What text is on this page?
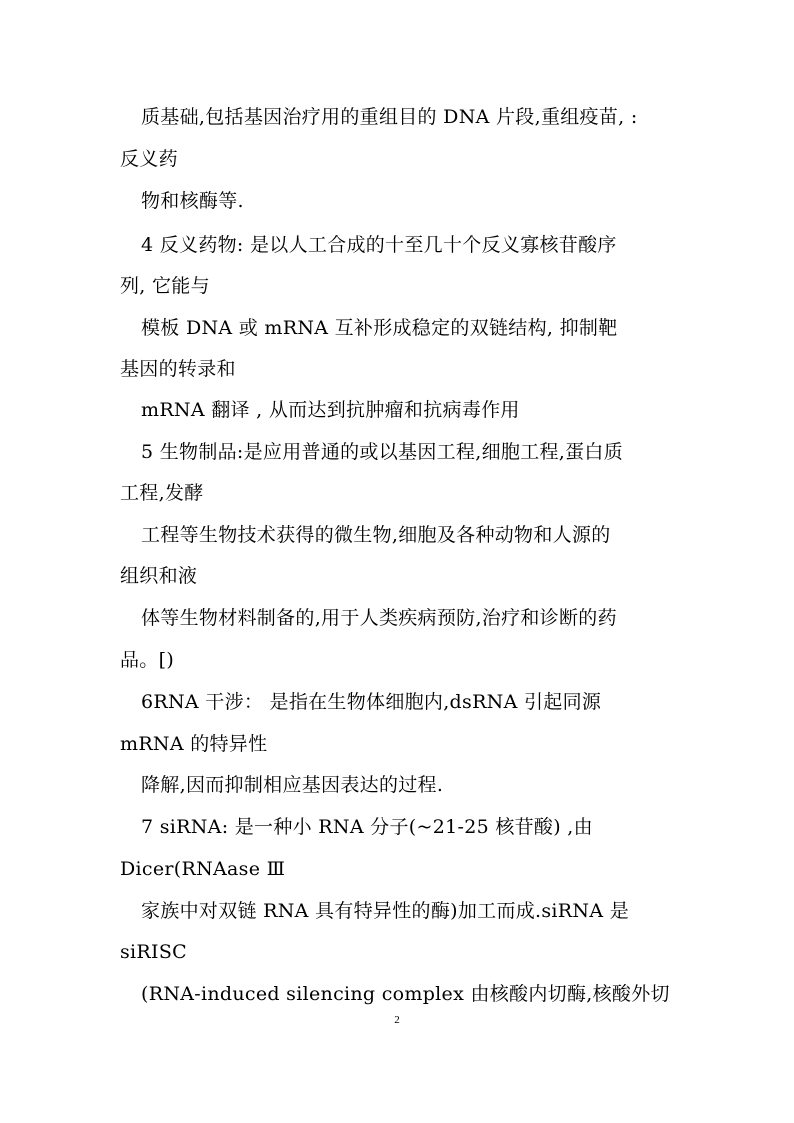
质基础,包括基因治疗用的重组目的 DNA 片段,重组疫苗, :
反义药
物和核酶等.
4 反义药物: 是以人工合成的十至几十个反义寡核苷酸序
列, 它能与
模板 DNA 或 mRNA 互补形成稳定的双链结构, 抑制靶
基因的转录和
mRNA 翻译 , 从而达到抗肿瘤和抗病毒作用
5 生物制品:是应用普通的或以基因工程,细胞工程,蛋白质
工程,发酵
工程等生物技术获得的微生物,细胞及各种动物和人源的
组织和液
体等生物材料制备的,用于人类疾病预防,治疗和诊断的药
品。[)
6RNA 干涉： 是指在生物体细胞内,dsRNA 引起同源
mRNA 的特异性
降解,因而抑制相应基因表达的过程.
7 siRNA: 是一种小 RNA 分子(~21-25 核苷酸) ,由
Dicer(RNAase Ⅲ
家族中对双链 RNA 具有特异性的酶)加工而成.siRNA 是
siRISC
(RNA-induced silencing complex 由核酸内切酶,核酸外切
2
